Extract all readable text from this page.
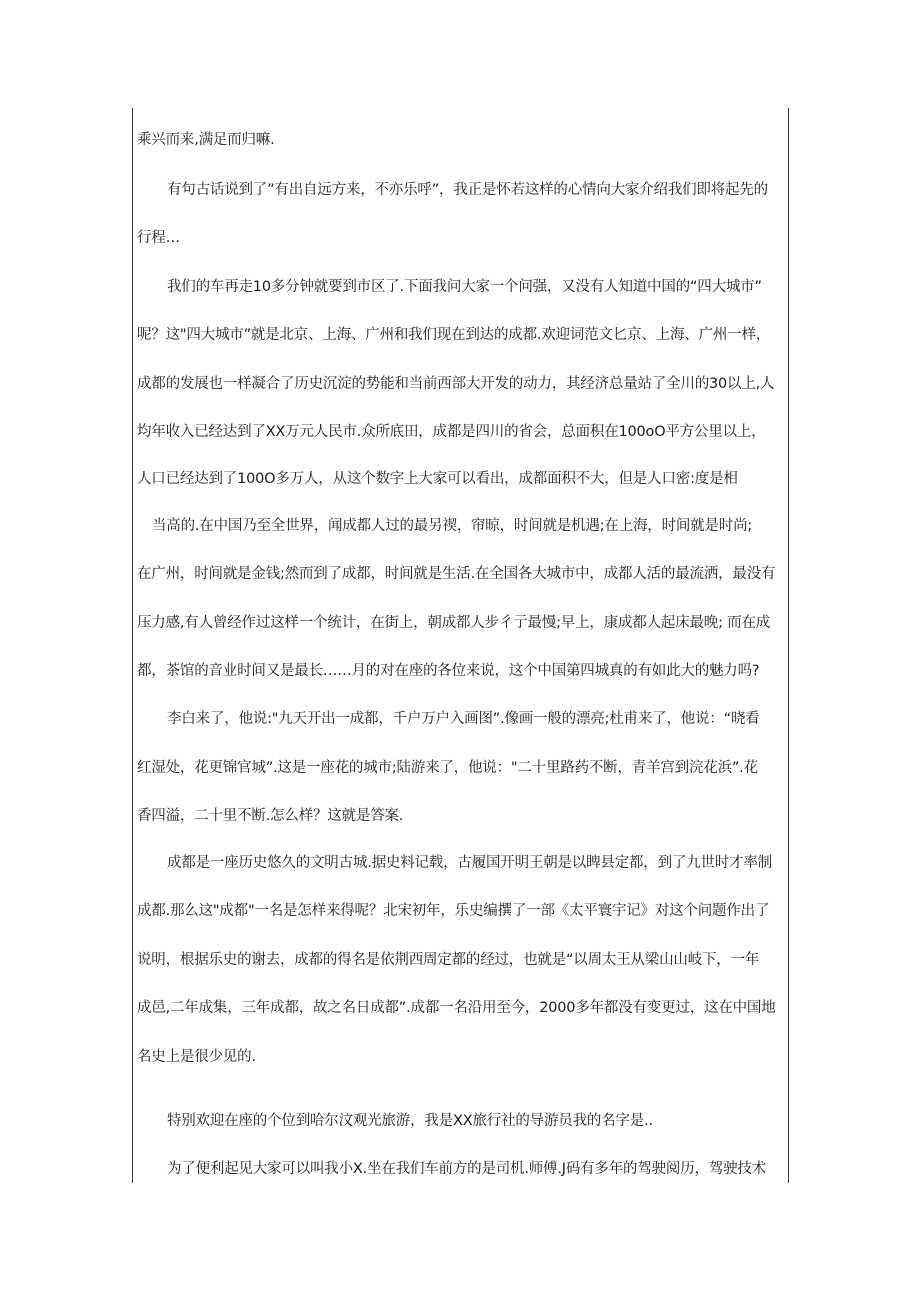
乘兴而来,满足而归嘛.
有句古话说到了”有出自远方来，不亦乐呼”，我正是怀若这样的心情向大家介绍我们即将起先的
行程…
我们的车再走10多分钟就要到市区了.下面我问大家一个问强，又没有人知道中国的“四大城市”
呢？这"四大城市”就是北京、上海、广州和我们现在到达的成都.欢迎词范文匕京、上海、广州一样，
成都的发展也一样凝合了历史沉淀的势能和当前西部大开发的动力，其经济总量站了全川的30以上,人
均年收入已经达到了XX万元人民市.众所底田，成都是四川的省会，总面积在100oO平方公里以上，
人口已经达到了100O多万人，从这个数字上大家可以看出，成都面积不大，但是人口密:度是相
当高的.在中国乃至全世界，闻成都人过的最另禊，帘晾，时间就是机遇;在上海，时间就是时尚;
在广州，时间就是金钱;然而到了成都，时间就是生活.在全国各大城市中，成都人活的最流洒，最没有
压力感,有人曾经作过这样一个统计，在街上，朝成都人步彳亍最慢;早上，康成都人起床最晚; 而在成
都，茶馆的音业时间又是最长……月的对在座的各位来说，这个中国第四城真的有如此大的魅力吗?
李白来了，他说:"九天开出一成都，千户万户入画图”.像画一般的漂亮;杜甫来了，他说：“晓看
红湿处，花更锦官城”.这是一座花的城市;陆游来了，他说："二十里路药不断，青羊宫到浣花浜”.花
香四溢，二十里不断.怎么样？这就是答案.
成都是一座历史悠久的文明古城.据史料记载，古履国开明王朝是以睥县定都，到了九世时才率制
成都.那么这"成都"一名是怎样来得呢？北宋初年，乐史编撰了一部《太平寰宇记》对这个问题作出了
说明，根据乐史的谢去，成都的得名是依荆西周定都的经过，也就是“以周太王从梁山山岐下，一年
成邑,二年成集，三年成都，故之名日成都”.成都一名沿用至今，2000多年都没有变更过，这在中国地
名史上是很少见的.
特别欢迎在座的个位到哈尔汶观光旅游，我是XX旅行社的导游员我的名字是..
为了便利起见大家可以叫我小X.坐在我们车前方的是司机.师傅.J码有多年的驾驶阅历，驾驶技术
